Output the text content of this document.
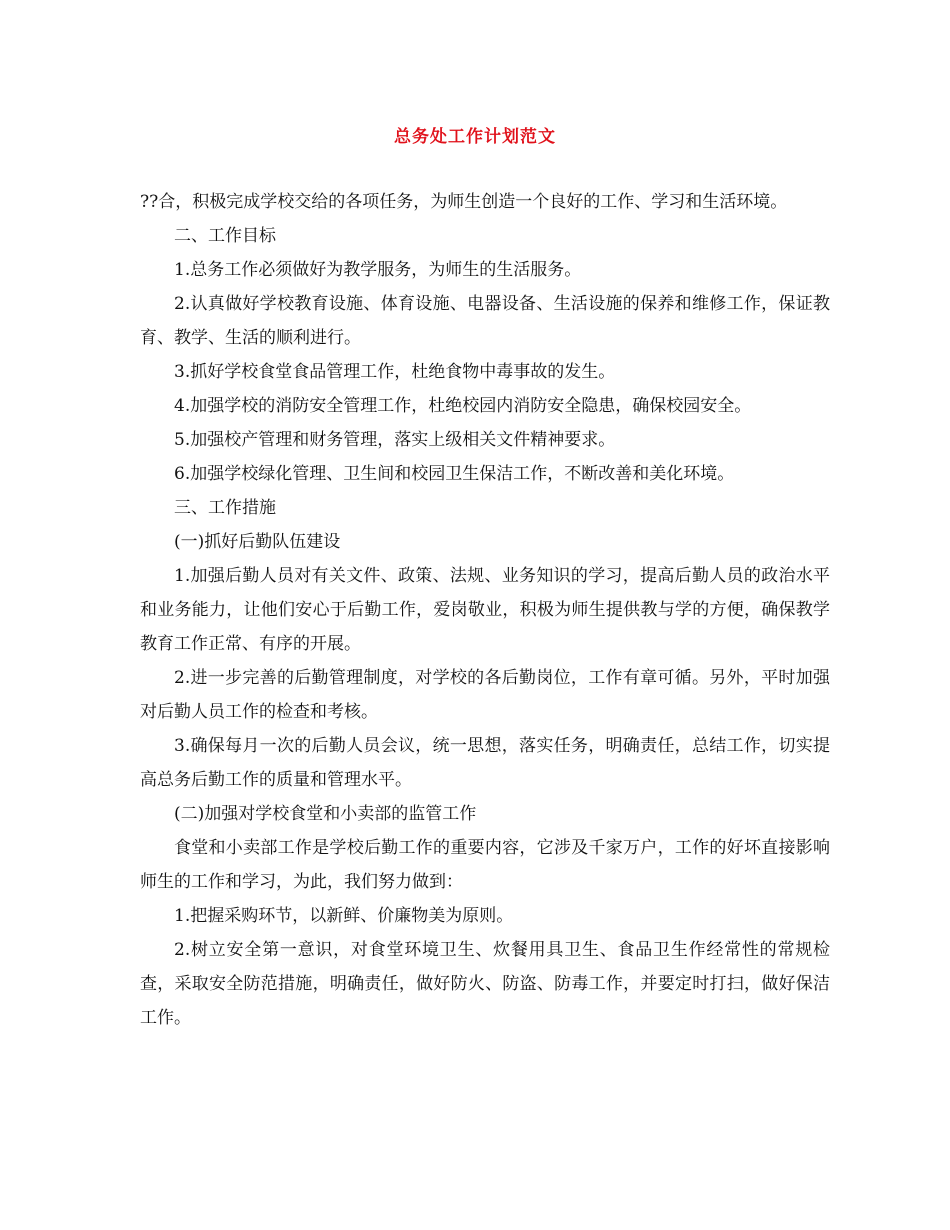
总务处工作计划范文

??合，积极完成学校交给的各项任务，为师生创造一个良好的工作、学习和生活环境。

二、工作目标

1.总务工作必须做好为教学服务，为师生的生活服务。

2.认真做好学校教育设施、体育设施、电器设备、生活设施的保养和维修工作，保证教育、教学、生活的顺利进行。

3.抓好学校食堂食品管理工作，杜绝食物中毒事故的发生。

4.加强学校的消防安全管理工作，杜绝校园内消防安全隐患，确保校园安全。

5.加强校产管理和财务管理，落实上级相关文件精神要求。

6.加强学校绿化管理、卫生间和校园卫生保洁工作，不断改善和美化环境。

三、工作措施

(一)抓好后勤队伍建设

1.加强后勤人员对有关文件、政策、法规、业务知识的学习，提高后勤人员的政治水平和业务能力，让他们安心于后勤工作，爱岗敬业，积极为师生提供教与学的方便，确保教学教育工作正常、有序的开展。

2.进一步完善的后勤管理制度，对学校的各后勤岗位，工作有章可循。另外，平时加强对后勤人员工作的检查和考核。

3.确保每月一次的后勤人员会议，统一思想，落实任务，明确责任，总结工作，切实提高总务后勤工作的质量和管理水平。

(二)加强对学校食堂和小卖部的监管工作

食堂和小卖部工作是学校后勤工作的重要内容，它涉及千家万户，工作的好坏直接影响师生的工作和学习，为此，我们努力做到：

1.把握采购环节，以新鲜、价廉物美为原则。

2.树立安全第一意识，对食堂环境卫生、炊餐用具卫生、食品卫生作经常性的常规检查，采取安全防范措施，明确责任，做好防火、防盗、防毒工作，并要定时打扫，做好保洁工作。
